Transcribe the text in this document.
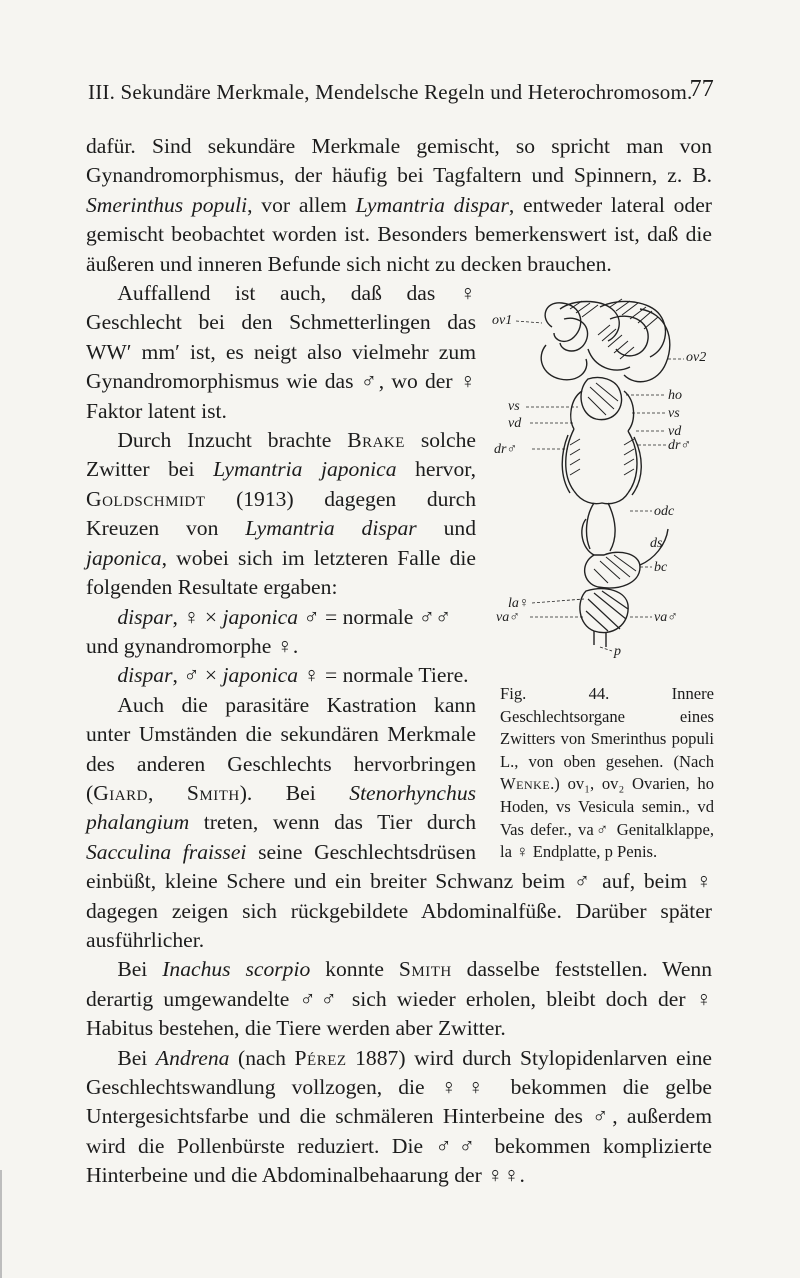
III. Sekundäre Merkmale, Mendelsche Regeln und Heterochromosom.
77

dafür. Sind sekundäre Merkmale gemischt, so spricht man von Gynandromorphismus, der häufig bei Tagfaltern und Spinnern, z. B. Smerinthus populi, vor allem Lymantria dispar, entweder lateral oder gemischt beobachtet worden ist. Besonders bemerkenswert ist, daß die äußeren und inneren Befunde sich nicht zu decken brauchen.

ov1
ov2
ho
vs	vs
vd
vd
dr♂	dr♂
odc
ds
bc
la♀
va♂	va♂
p
Fig. 44. Innere Geschlechtsorgane eines Zwitters von Smerinthus populi L., von oben gesehen. (Nach Wenke.) ov₁, ov₂ Ovarien, ho Hoden, vs Vesicula semin., vd Vas defer., va♂ Genitalklappe, la ♀ Endplatte, p Penis.

Auffallend ist auch, daß das ♀ Geschlecht bei den Schmetterlingen das WW′ mm′ ist, es neigt also vielmehr zum Gynandromorphismus wie das ♂, wo der ♀ Faktor latent ist.

Durch Inzucht brachte Brake solche Zwitter bei Lymantria japonica hervor, Goldschmidt (1913) dagegen durch Kreuzen von Lymantria dispar und japonica, wobei sich im letzteren Falle die folgenden Resultate ergaben:

dispar, ♀ × japonica ♂ = normale ♂♂

und gynandromorphe ♀.

dispar, ♂ × japonica ♀ = normale Tiere.

Auch die parasitäre Kastration kann unter Umständen die sekundären Merkmale des anderen Geschlechts hervorbringen (Giard, Smith). Bei Stenorhynchus phalangium treten, wenn das Tier durch Sacculina fraissei seine Geschlechtsdrüsen einbüßt, kleine Schere und ein breiter Schwanz beim ♂ auf, beim ♀ dagegen zeigen sich rückgebildete Abdominalfüße. Darüber später ausführlicher.

Bei Inachus scorpio konnte Smith dasselbe feststellen. Wenn derartig umgewandelte ♂♂ sich wieder erholen, bleibt doch der ♀ Habitus bestehen, die Tiere werden aber Zwitter.

Bei Andrena (nach Pérez 1887) wird durch Stylopidenlarven eine Geschlechtswandlung vollzogen, die ♀♀ bekommen die gelbe Untergesichtsfarbe und die schmäleren Hinterbeine des ♂, außerdem wird die Pollenbürste reduziert. Die ♂♂ bekommen komplizierte Hinterbeine und die Abdominalbehaarung der ♀♀.
